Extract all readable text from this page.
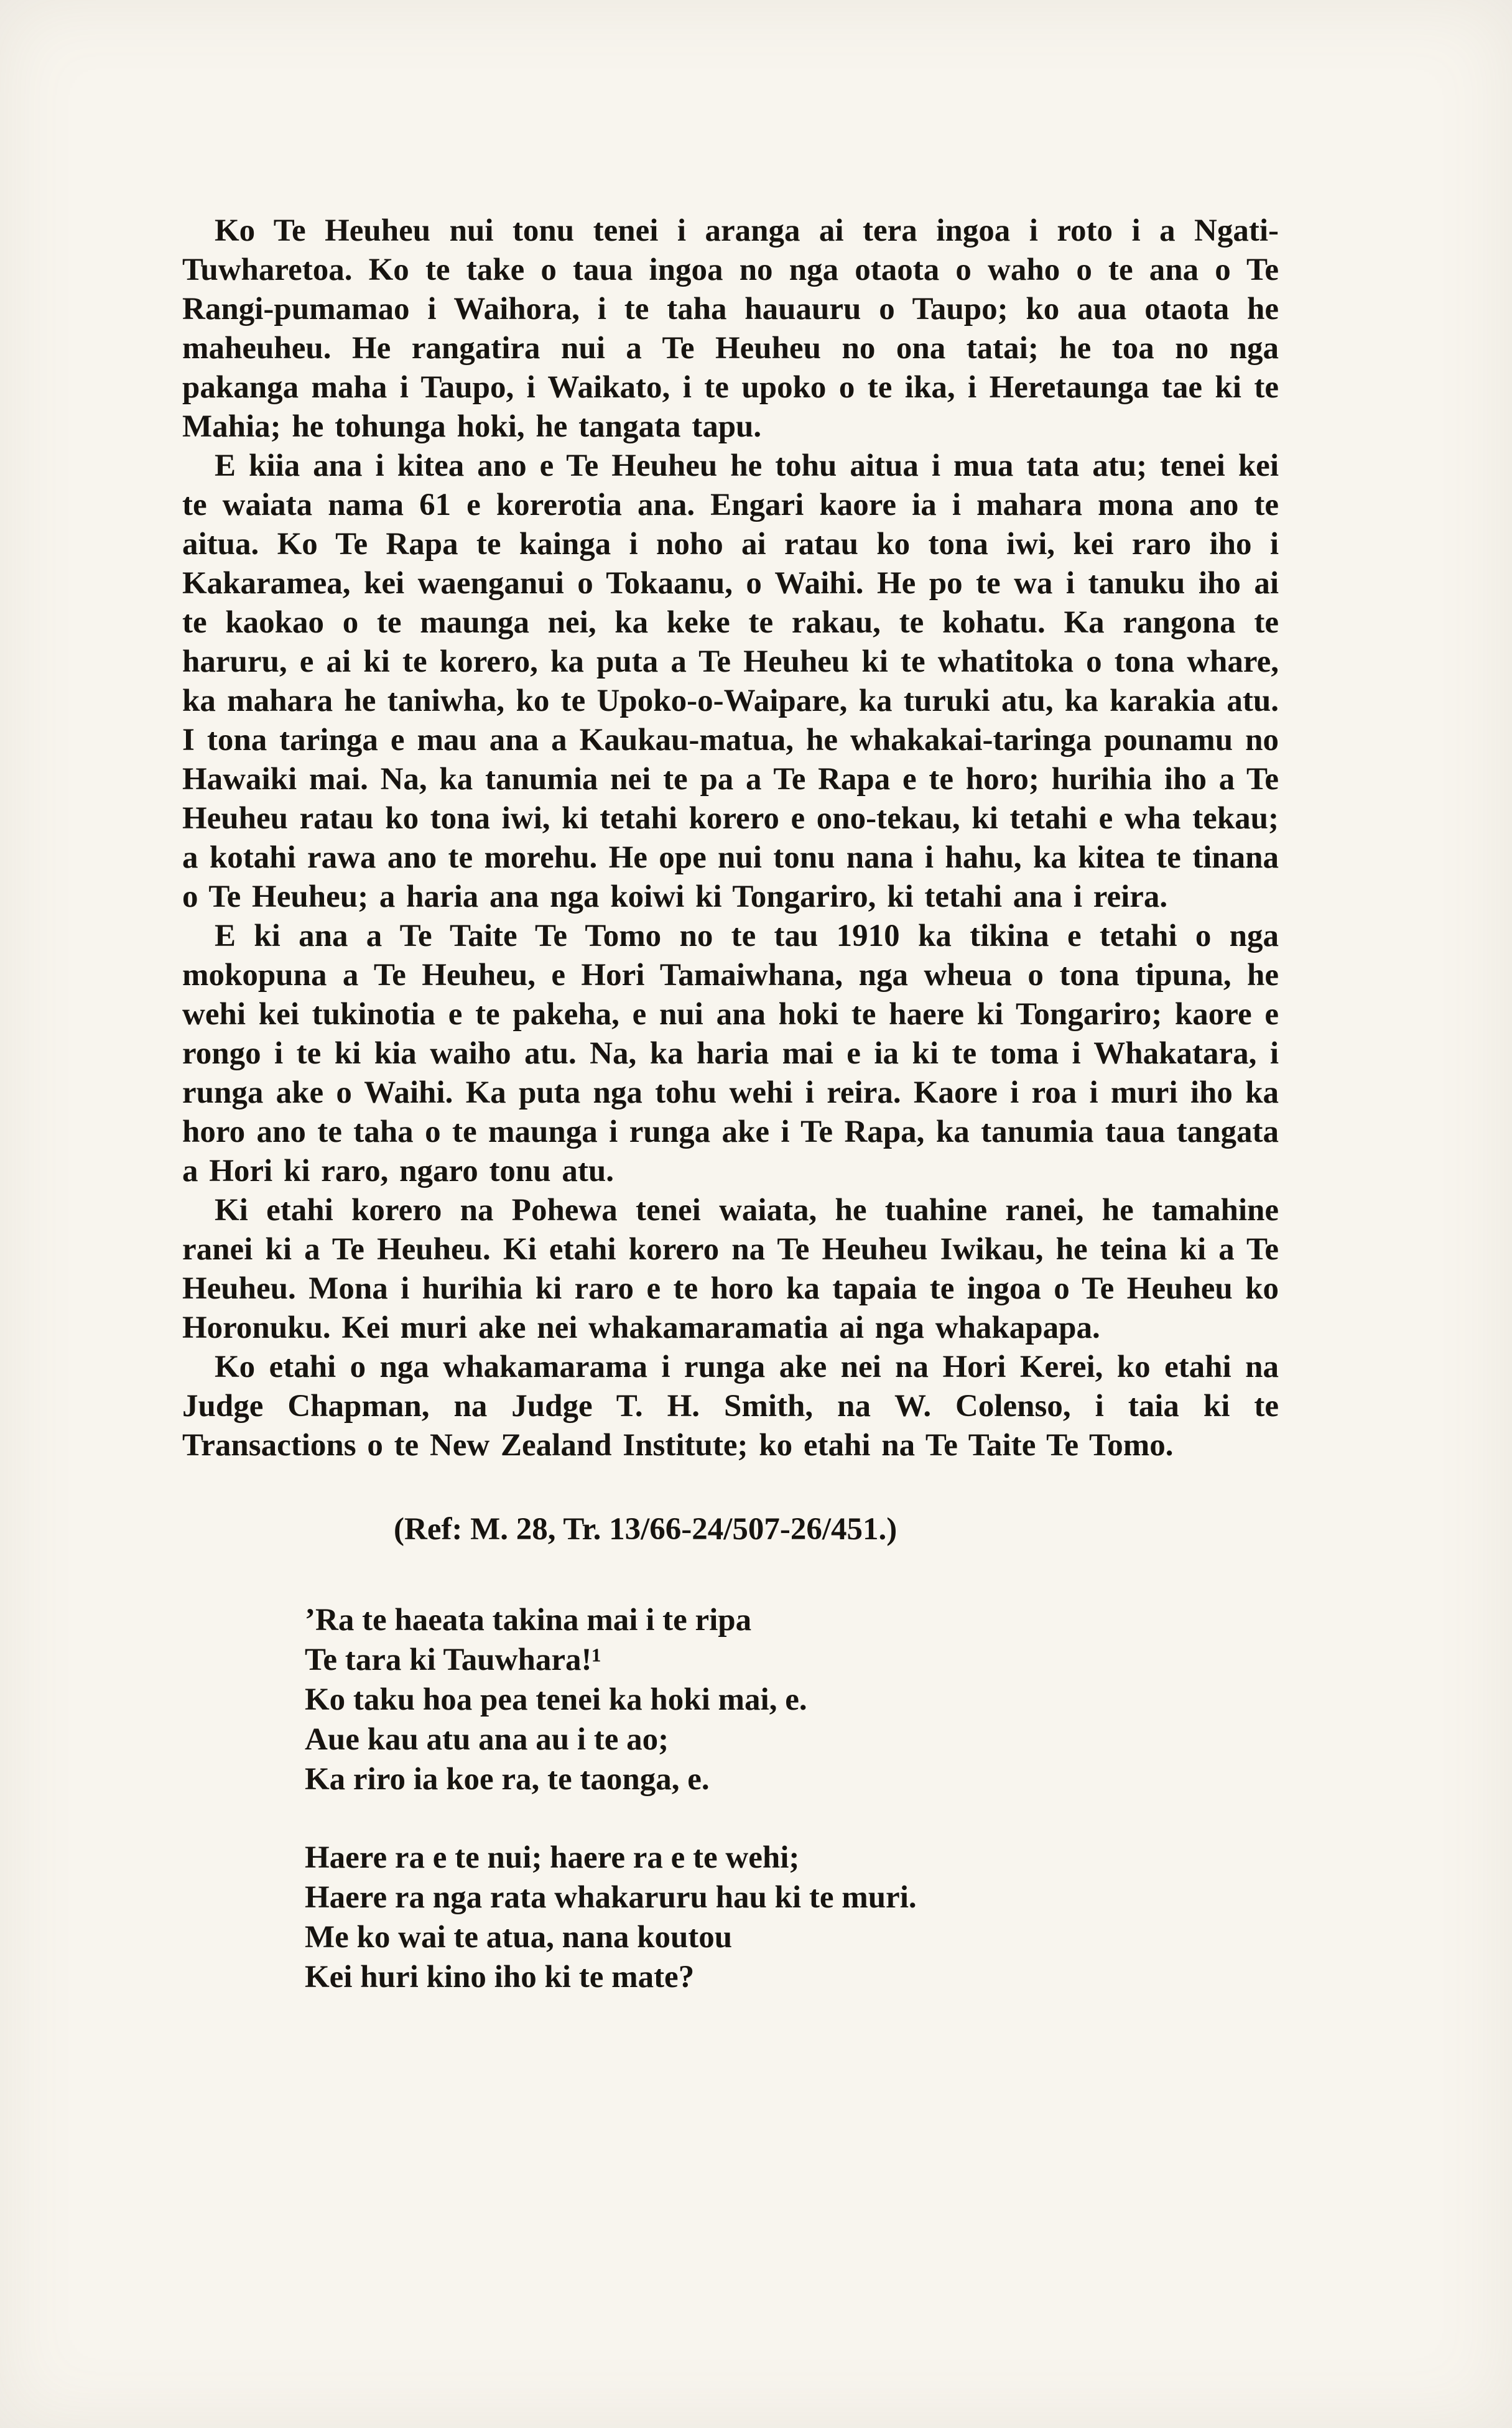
Ko Te Heuheu nui tonu tenei i aranga ai tera ingoa i roto i a Ngati-Tuwharetoa. Ko te take o taua ingoa no nga otaota o waho o te ana o Te Rangi-pumamao i Waihora, i te taha hauauru o Taupo; ko aua otaota he maheuheu. He rangatira nui a Te Heuheu no ona tatai; he toa no nga pakanga maha i Taupo, i Waikato, i te upoko o te ika, i Heretaunga tae ki te Mahia; he tohunga hoki, he tangata tapu.

E kiia ana i kitea ano e Te Heuheu he tohu aitua i mua tata atu; tenei kei te waiata nama 61 e korerotia ana. Engari kaore ia i mahara mona ano te aitua. Ko Te Rapa te kainga i noho ai ratau ko tona iwi, kei raro iho i Kakaramea, kei waenganui o Tokaanu, o Waihi. He po te wa i tanuku iho ai te kaokao o te maunga nei, ka keke te rakau, te kohatu. Ka rangona te haruru, e ai ki te korero, ka puta a Te Heuheu ki te whatitoka o tona whare, ka mahara he taniwha, ko te Upoko-o-Waipare, ka turuki atu, ka karakia atu. I tona taringa e mau ana a Kaukau-matua, he whakakai-taringa pounamu no Hawaiki mai. Na, ka tanumia nei te pa a Te Rapa e te horo; hurihia iho a Te Heuheu ratau ko tona iwi, ki tetahi korero e ono-tekau, ki tetahi e wha tekau; a kotahi rawa ano te morehu. He ope nui tonu nana i hahu, ka kitea te tinana o Te Heuheu; a haria ana nga koiwi ki Tongariro, ki tetahi ana i reira.

E ki ana a Te Taite Te Tomo no te tau 1910 ka tikina e tetahi o nga mokopuna a Te Heuheu, e Hori Tamaiwhana, nga wheua o tona tipuna, he wehi kei tukinotia e te pakeha, e nui ana hoki te haere ki Tongariro; kaore e rongo i te ki kia waiho atu. Na, ka haria mai e ia ki te toma i Whakatara, i runga ake o Waihi. Ka puta nga tohu wehi i reira. Kaore i roa i muri iho ka horo ano te taha o te maunga i runga ake i Te Rapa, ka tanumia taua tangata a Hori ki raro, ngaro tonu atu.

Ki etahi korero na Pohewa tenei waiata, he tuahine ranei, he tamahine ranei ki a Te Heuheu. Ki etahi korero na Te Heuheu Iwikau, he teina ki a Te Heuheu. Mona i hurihia ki raro e te horo ka tapaia te ingoa o Te Heuheu ko Horonuku. Kei muri ake nei whakamaramatia ai nga whakapapa.

Ko etahi o nga whakamarama i runga ake nei na Hori Kerei, ko etahi na Judge Chapman, na Judge T. H. Smith, na W. Colenso, i taia ki te Transactions o te New Zealand Institute; ko etahi na Te Taite Te Tomo.

(Ref: M. 28, Tr. 13/66-24/507-26/451.)

’Ra te haeata takina mai i te ripa
Te tara ki Tauwhara!¹
Ko taku hoa pea tenei ka hoki mai, e.
Aue kau atu ana au i te ao;
Ka riro ia koe ra, te taonga, e.
Haere ra e te nui; haere ra e te wehi;
Haere ra nga rata whakaruru hau ki te muri.
Me ko wai te atua, nana koutou
Kei huri kino iho ki te mate?
